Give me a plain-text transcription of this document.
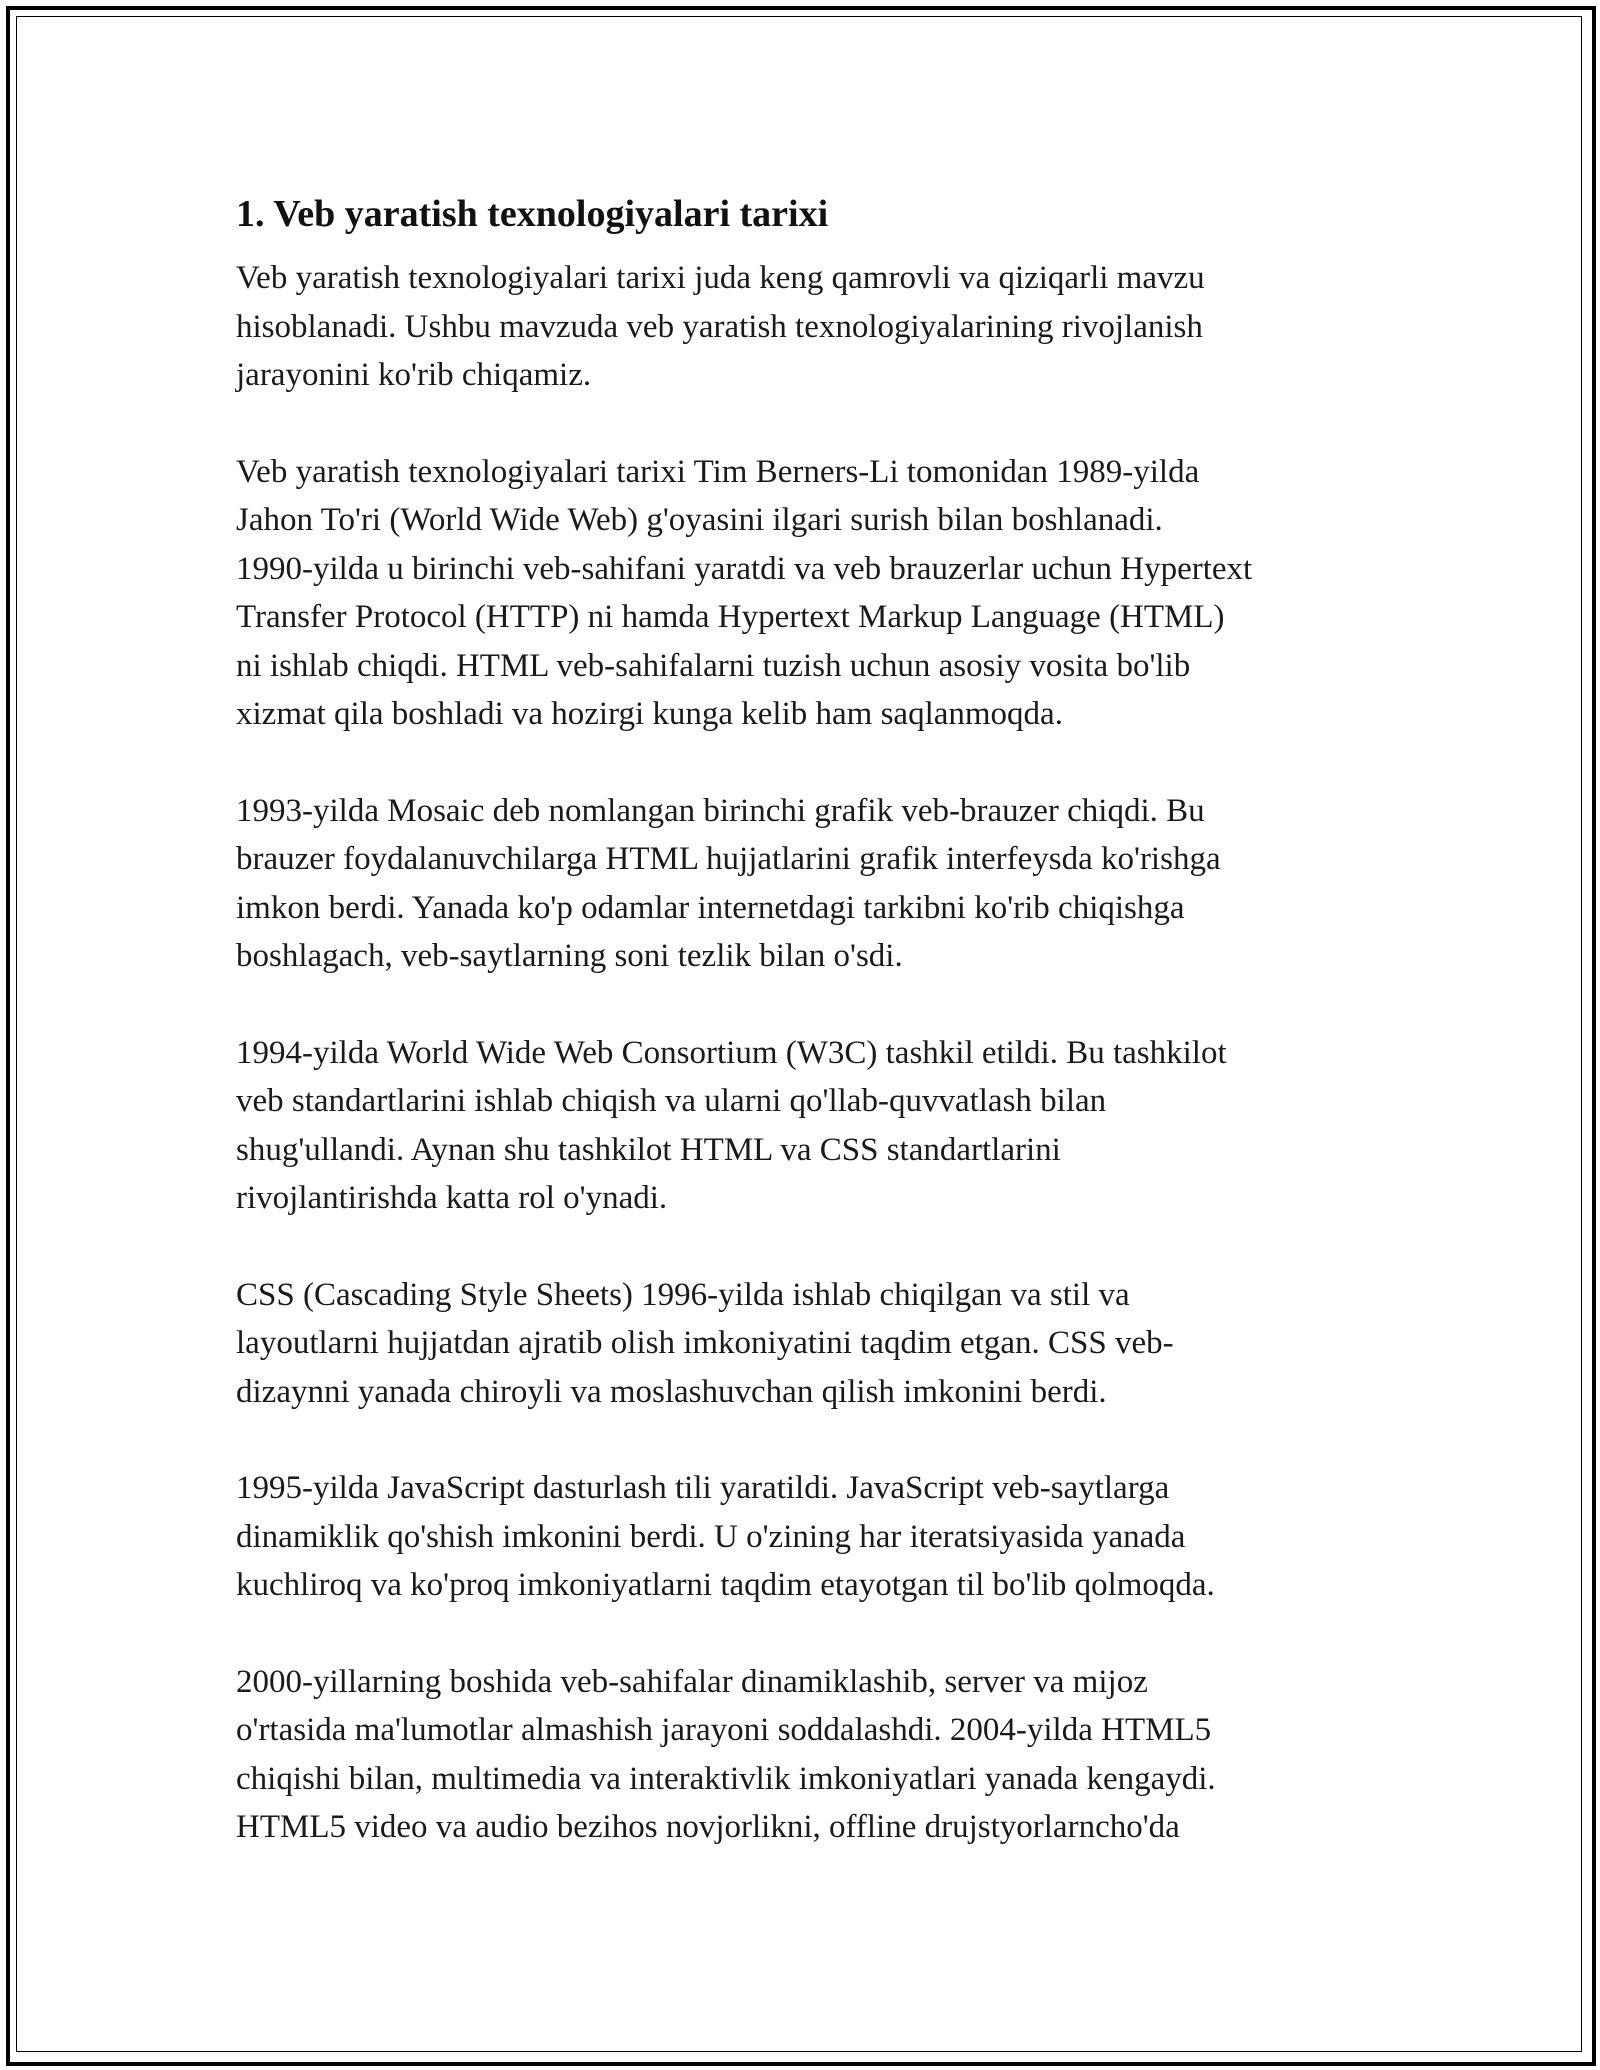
1. Veb yaratish texnologiyalari tarixi

Veb yaratish texnologiyalari tarixi juda keng qamrovli va qiziqarli mavzu
hisoblanadi. Ushbu mavzuda veb yaratish texnologiyalarining rivojlanish
jarayonini ko'rib chiqamiz.

Veb yaratish texnologiyalari tarixi Tim Berners-Li tomonidan 1989-yilda
Jahon To'ri (World Wide Web) g'oyasini ilgari surish bilan boshlanadi.
1990-yilda u birinchi veb-sahifani yaratdi va veb brauzerlar uchun Hypertext
Transfer Protocol (HTTP) ni hamda Hypertext Markup Language (HTML)
ni ishlab chiqdi. HTML veb-sahifalarni tuzish uchun asosiy vosita bo'lib
xizmat qila boshladi va hozirgi kunga kelib ham saqlanmoqda.

1993-yilda Mosaic deb nomlangan birinchi grafik veb-brauzer chiqdi. Bu
brauzer foydalanuvchilarga HTML hujjatlarini grafik interfeysda ko'rishga
imkon berdi. Yanada ko'p odamlar internetdagi tarkibni ko'rib chiqishga
boshlagach, veb-saytlarning soni tezlik bilan o'sdi.

1994-yilda World Wide Web Consortium (W3C) tashkil etildi. Bu tashkilot
veb standartlarini ishlab chiqish va ularni qo'llab-quvvatlash bilan
shug'ullandi. Aynan shu tashkilot HTML va CSS standartlarini
rivojlantirishda katta rol o'ynadi.

CSS (Cascading Style Sheets) 1996-yilda ishlab chiqilgan va stil va
layoutlarni hujjatdan ajratib olish imkoniyatini taqdim etgan. CSS veb-
dizaynni yanada chiroyli va moslashuvchan qilish imkonini berdi.

1995-yilda JavaScript dasturlash tili yaratildi. JavaScript veb-saytlarga
dinamiklik qo'shish imkonini berdi. U o'zining har iteratsiyasida yanada
kuchliroq va ko'proq imkoniyatlarni taqdim etayotgan til bo'lib qolmoqda.

2000-yillarning boshida veb-sahifalar dinamiklashib, server va mijoz
o'rtasida ma'lumotlar almashish jarayoni soddalashdi. 2004-yilda HTML5
chiqishi bilan, multimedia va interaktivlik imkoniyatlari yanada kengaydi.
HTML5 video va audio bezihos novjorlikni, offline drujstyorlarncho'da
